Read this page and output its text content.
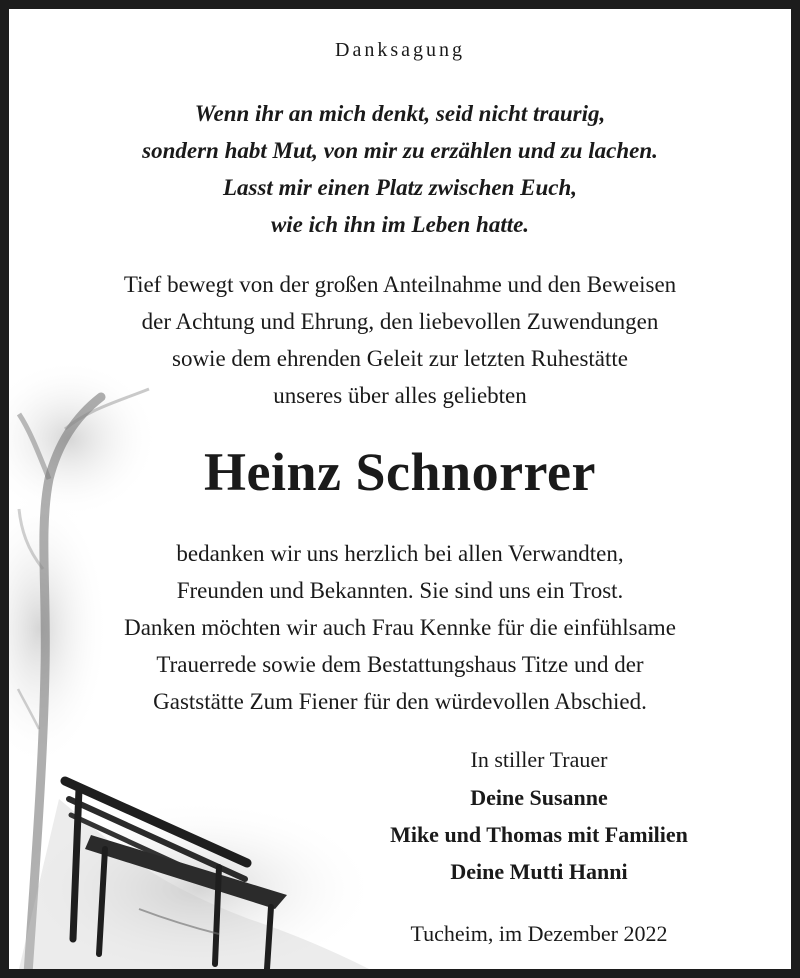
Danksagung
Wenn ihr an mich denkt, seid nicht traurig,
sondern habt Mut, von mir zu erzählen und zu lachen.
Lasst mir einen Platz zwischen Euch,
wie ich ihn im Leben hatte.
Tief bewegt von der großen Anteilnahme und den Beweisen
der Achtung und Ehrung, den liebevollen Zuwendungen
sowie dem ehrenden Geleit zur letzten Ruhestätte
unseres über alles geliebten
Heinz Schnorrer
bedanken wir uns herzlich bei allen Verwandten,
Freunden und Bekannten. Sie sind uns ein Trost.
Danken möchten wir auch Frau Kennke für die einfühlsame
Trauerrede sowie dem Bestattungshaus Titze und der
Gaststätte Zum Fiener für den würdevollen Abschied.
In stiller Trauer
Deine Susanne
Mike und Thomas mit Familien
Deine Mutti Hanni
Tucheim, im Dezember 2022
